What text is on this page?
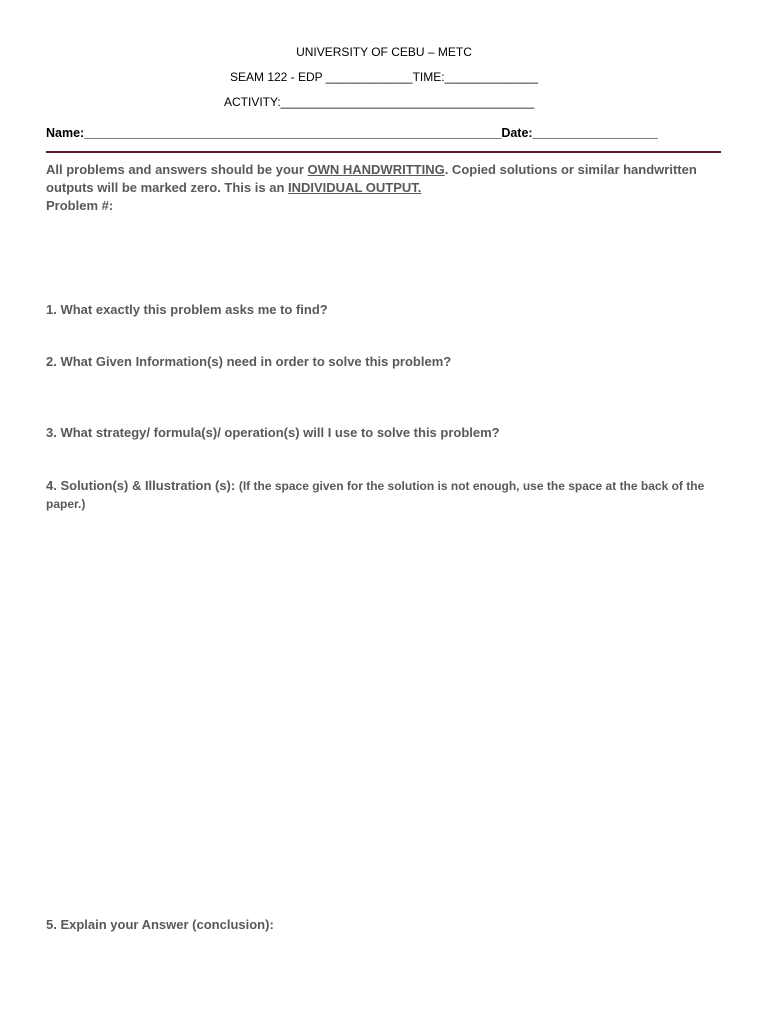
UNIVERSITY OF CEBU – METC
SEAM 122 - EDP _____________TIME:______________
ACTIVITY:______________________________________
Name:____________________________________________________________Date:__________________
All problems and answers should be your OWN HANDWRITTING. Copied solutions or similar handwritten outputs will be marked zero. This is an INDIVIDUAL OUTPUT.
Problem #:
1. What exactly this problem asks me to find?
2. What Given Information(s) need in order to solve this problem?
3. What strategy/ formula(s)/ operation(s) will I use to solve this problem?
4. Solution(s) & Illustration (s): (If the space given for the solution is not enough, use the space at the back of the paper.)
5. Explain your Answer (conclusion):
